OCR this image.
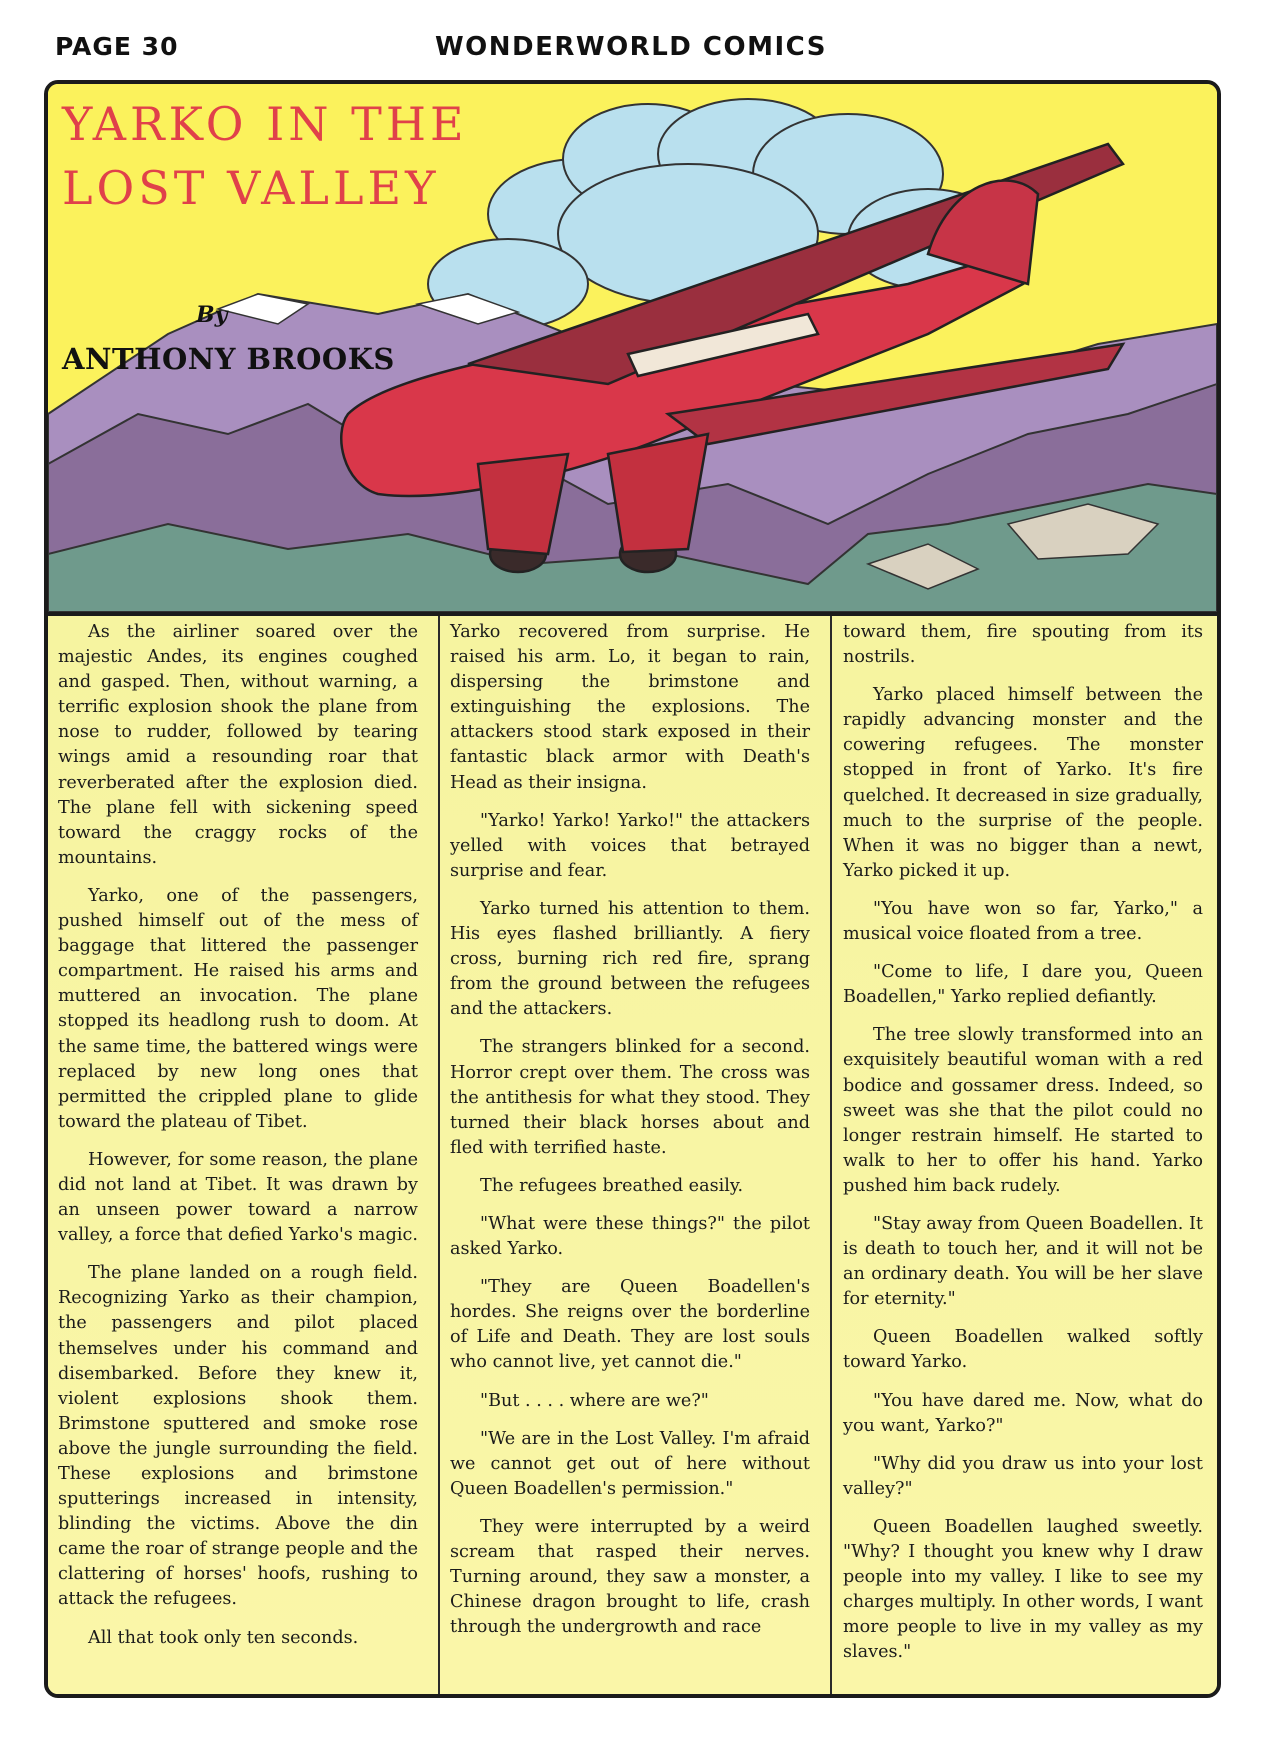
PAGE 30	WONDERWORLD COMICS
YARKO IN THE
LOST VALLEY
By
ANTHONY BROOKS

As the airliner soared over the majestic Andes, its engines coughed and gasped. Then, without warning, a terrific explosion shook the plane from nose to rudder, followed by tearing wings amid a resounding roar that reverberated after the explosion died. The plane fell with sickening speed toward the craggy rocks of the mountains.

Yarko, one of the passengers, pushed himself out of the mess of baggage that littered the passenger compartment. He raised his arms and muttered an invocation. The plane stopped its headlong rush to doom. At the same time, the battered wings were replaced by new long ones that permitted the crippled plane to glide toward the plateau of Tibet.

However, for some reason, the plane did not land at Tibet. It was drawn by an unseen power toward a narrow valley, a force that defied Yarko's magic.

The plane landed on a rough field. Recognizing Yarko as their champion, the passengers and pilot placed themselves under his command and disembarked. Before they knew it, violent explosions shook them. Brimstone sputtered and smoke rose above the jungle surrounding the field. These explosions and brimstone sputterings increased in intensity, blinding the victims. Above the din came the roar of strange people and the clattering of horses' hoofs, rushing to attack the refugees.

All that took only ten seconds.

Yarko recovered from surprise. He raised his arm. Lo, it began to rain, dispersing the brimstone and extinguishing the explosions. The attackers stood stark exposed in their fantastic black armor with Death's Head as their insigna.

"Yarko! Yarko! Yarko!" the attackers yelled with voices that betrayed surprise and fear.

Yarko turned his attention to them. His eyes flashed brilliantly. A fiery cross, burning rich red fire, sprang from the ground between the refugees and the attackers.

The strangers blinked for a second. Horror crept over them. The cross was the antithesis for what they stood. They turned their black horses about and fled with terrified haste.

The refugees breathed easily.

"What were these things?" the pilot asked Yarko.

"They are Queen Boadellen's hordes. She reigns over the borderline of Life and Death. They are lost souls who cannot live, yet cannot die."

"But . . . . where are we?"

"We are in the Lost Valley. I'm afraid we cannot get out of here without Queen Boadellen's permission."

They were interrupted by a weird scream that rasped their nerves. Turning around, they saw a monster, a Chinese dragon brought to life, crash through the undergrowth and race

toward them, fire spouting from its nostrils.

Yarko placed himself between the rapidly advancing monster and the cowering refugees. The monster stopped in front of Yarko. It's fire quelched. It decreased in size gradually, much to the surprise of the people. When it was no bigger than a newt, Yarko picked it up.

"You have won so far, Yarko," a musical voice floated from a tree.

"Come to life, I dare you, Queen Boadellen," Yarko replied defiantly.

The tree slowly transformed into an exquisitely beautiful woman with a red bodice and gossamer dress. Indeed, so sweet was she that the pilot could no longer restrain himself. He started to walk to her to offer his hand. Yarko pushed him back rudely.

"Stay away from Queen Boadellen. It is death to touch her, and it will not be an ordinary death. You will be her slave for eternity."

Queen Boadellen walked softly toward Yarko.

"You have dared me. Now, what do you want, Yarko?"

"Why did you draw us into your lost valley?"

Queen Boadellen laughed sweetly. "Why? I thought you knew why I draw people into my valley. I like to see my charges multiply. In other words, I want more people to live in my valley as my slaves."
